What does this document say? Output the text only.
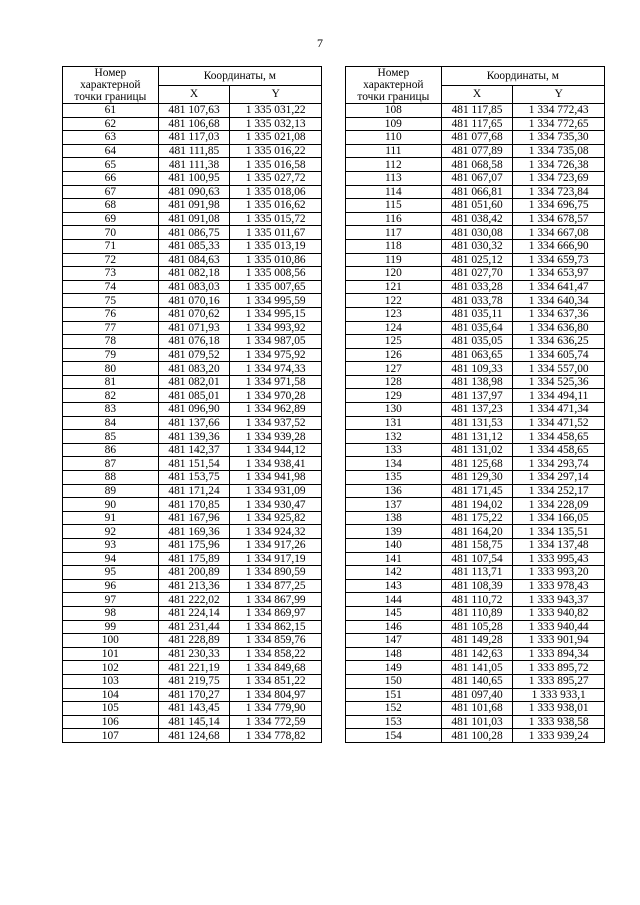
7
Номер
характерной
точки границы	Координаты, м	
	X	Y
61	481 107,63	1 335 031,22
62	481 106,68	1 335 032,13
63	481 117,03	1 335 021,08
64	481 111,85	1 335 016,22
65	481 111,38	1 335 016,58
66	481 100,95	1 335 027,72
67	481 090,63	1 335 018,06
68	481 091,98	1 335 016,62
69	481 091,08	1 335 015,72
70	481 086,75	1 335 011,67
71	481 085,33	1 335 013,19
72	481 084,63	1 335 010,86
73	481 082,18	1 335 008,56
74	481 083,03	1 335 007,65
75	481 070,16	1 334 995,59
76	481 070,62	1 334 995,15
77	481 071,93	1 334 993,92
78	481 076,18	1 334 987,05
79	481 079,52	1 334 975,92
80	481 083,20	1 334 974,33
81	481 082,01	1 334 971,58
82	481 085,01	1 334 970,28
83	481 096,90	1 334 962,89
84	481 137,66	1 334 937,52
85	481 139,36	1 334 939,28
86	481 142,37	1 334 944,12
87	481 151,54	1 334 938,41
88	481 153,75	1 334 941,98
89	481 171,24	1 334 931,09
90	481 170,85	1 334 930,47
91	481 167,96	1 334 925,82
92	481 169,36	1 334 924,32
93	481 175,96	1 334 917,26
94	481 175,89	1 334 917,19
95	481 200,89	1 334 890,59
96	481 213,36	1 334 877,25
97	481 222,02	1 334 867,99
98	481 224,14	1 334 869,97
99	481 231,44	1 334 862,15
100	481 228,89	1 334 859,76
101	481 230,33	1 334 858,22
102	481 221,19	1 334 849,68
103	481 219,75	1 334 851,22
104	481 170,27	1 334 804,97
105	481 143,45	1 334 779,90
106	481 145,14	1 334 772,59
107	481 124,68	1 334 778,82
Номер
характерной
точки границы	Координаты, м	
	X	Y
108	481 117,85	1 334 772,43
109	481 117,65	1 334 772,65
110	481 077,68	1 334 735,30
111	481 077,89	1 334 735,08
112	481 068,58	1 334 726,38
113	481 067,07	1 334 723,69
114	481 066,81	1 334 723,84
115	481 051,60	1 334 696,75
116	481 038,42	1 334 678,57
117	481 030,08	1 334 667,08
118	481 030,32	1 334 666,90
119	481 025,12	1 334 659,73
120	481 027,70	1 334 653,97
121	481 033,28	1 334 641,47
122	481 033,78	1 334 640,34
123	481 035,11	1 334 637,36
124	481 035,64	1 334 636,80
125	481 035,05	1 334 636,25
126	481 063,65	1 334 605,74
127	481 109,33	1 334 557,00
128	481 138,98	1 334 525,36
129	481 137,97	1 334 494,11
130	481 137,23	1 334 471,34
131	481 131,53	1 334 471,52
132	481 131,12	1 334 458,65
133	481 131,02	1 334 458,65
134	481 125,68	1 334 293,74
135	481 129,30	1 334 297,14
136	481 171,45	1 334 252,17
137	481 194,02	1 334 228,09
138	481 175,22	1 334 166,05
139	481 164,20	1 334 135,51
140	481 158,75	1 334 137,48
141	481 107,54	1 333 995,43
142	481 113,71	1 333 993,20
143	481 108,39	1 333 978,43
144	481 110,72	1 333 943,37
145	481 110,89	1 333 940,82
146	481 105,28	1 333 940,44
147	481 149,28	1 333 901,94
148	481 142,63	1 333 894,34
149	481 141,05	1 333 895,72
150	481 140,65	1 333 895,27
151	481 097,40	1 333 933,1
152	481 101,68	1 333 938,01
153	481 101,03	1 333 938,58
154	481 100,28	1 333 939,24
